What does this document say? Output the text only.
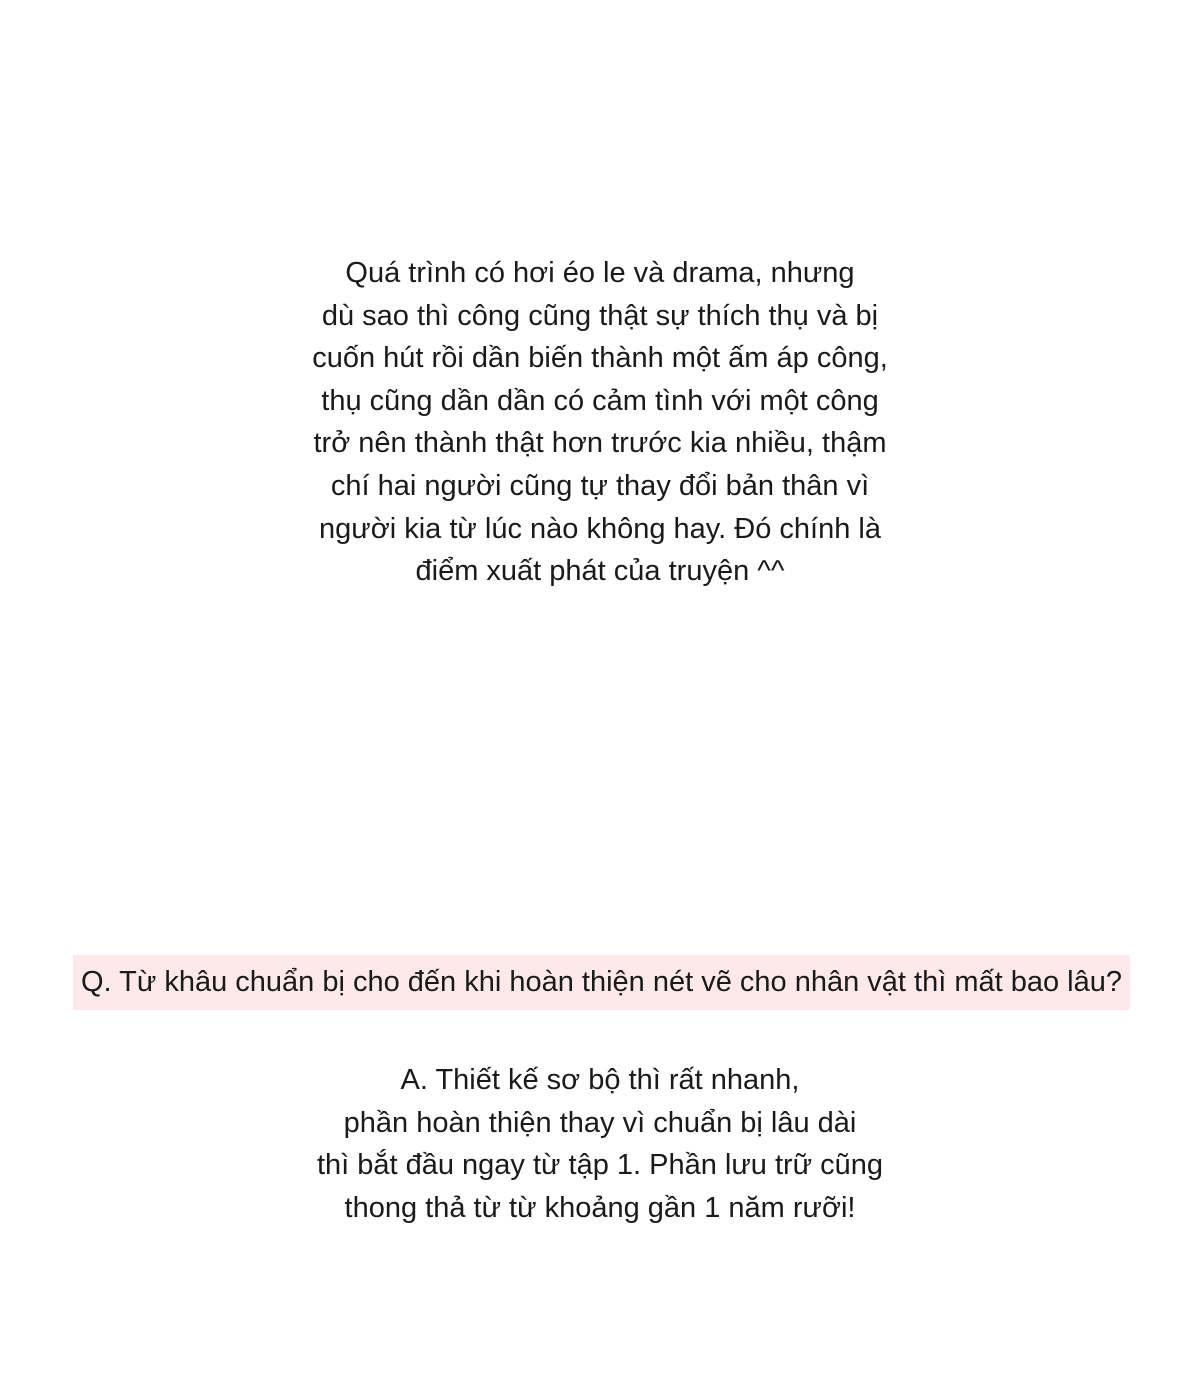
Quá trình có hơi éo le và drama, nhưng
dù sao thì công cũng thật sự thích thụ và bị
cuốn hút rồi dần biến thành một ấm áp công,
thụ cũng dần dần có cảm tình với một công
trở nên thành thật hơn trước kia nhiều, thậm
chí hai người cũng tự thay đổi bản thân vì
người kia từ lúc nào không hay. Đó chính là
điểm xuất phát của truyện ^^
Q. Từ khâu chuẩn bị cho đến khi hoàn thiện nét vẽ cho nhân vật thì mất bao lâu?
A. Thiết kế sơ bộ thì rất nhanh,
phần hoàn thiện thay vì chuẩn bị lâu dài
thì bắt đầu ngay từ tập 1. Phần lưu trữ cũng
thong thả từ từ khoảng gần 1 năm rưỡi!
